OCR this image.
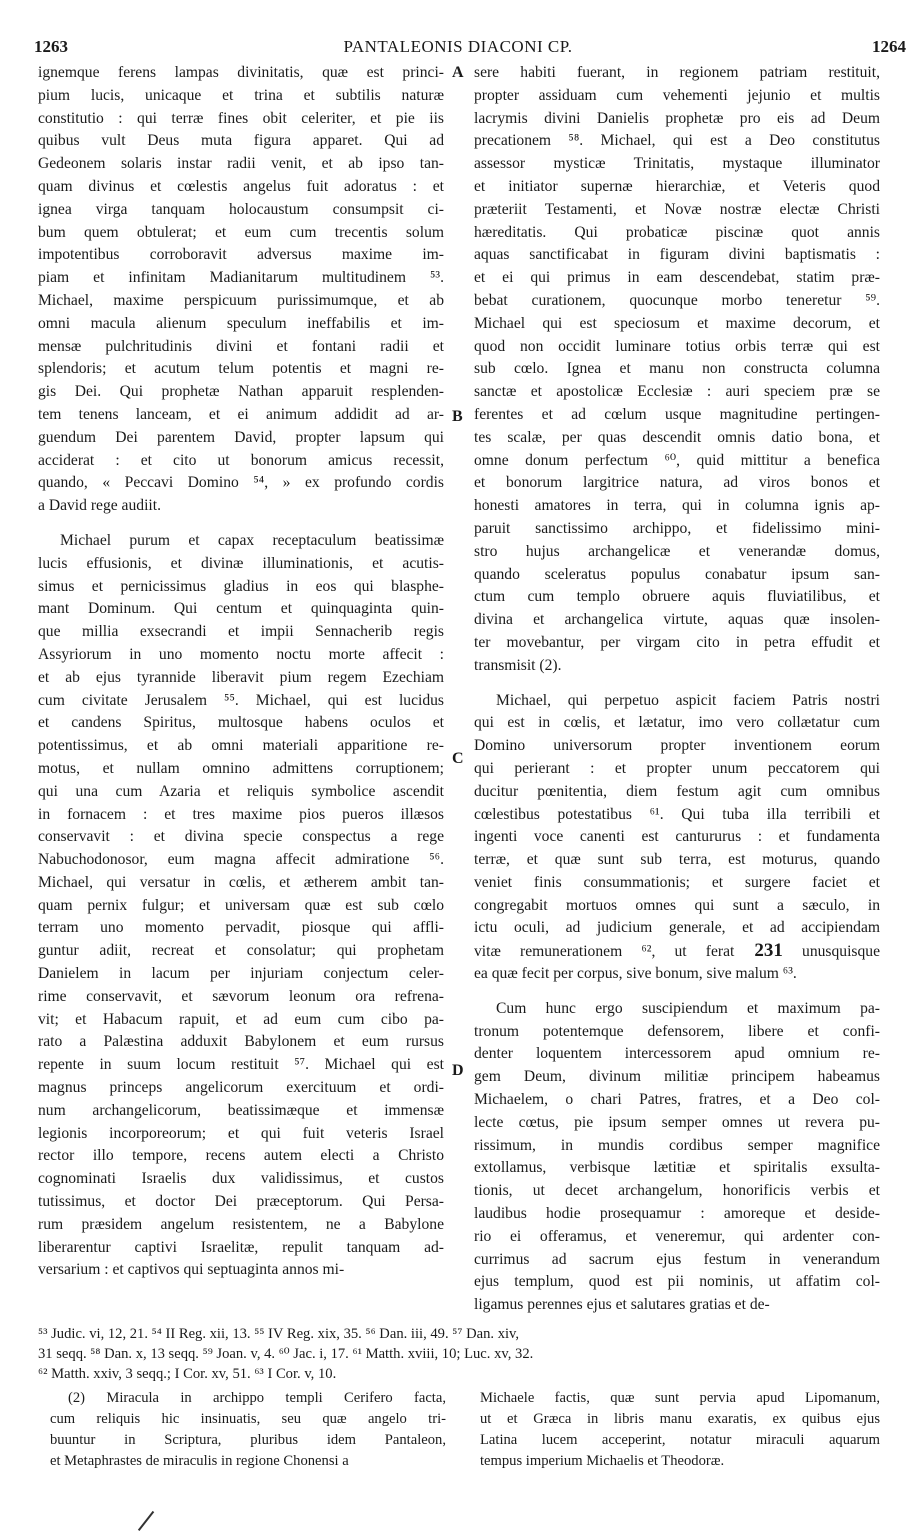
1263	PANTALEONIS DIACONI CP.	1264
ignemque ferens lampas divinitatis, quæ est princi-
pium lucis, unicaque et trina et subtilis naturæ
constitutio : qui terræ fines obit celeriter, et pie iis
quibus vult Deus muta figura apparet. Qui ad
Gedeonem solaris instar radii venit, et ab ipso tan-
quam divinus et cœlestis angelus fuit adoratus : et
ignea virga tanquam holocaustum consumpsit ci-
bum quem obtulerat; et eum cum trecentis solum
impotentibus corroboravit adversus maxime im-
piam et infinitam Madianitarum multitudinem ⁵³.
Michael, maxime perspicuum purissimumque, et ab
omni macula alienum speculum ineffabilis et im-
mensæ pulchritudinis divini et fontani radii et
splendoris; et acutum telum potentis et magni re-
gis Dei. Qui prophetæ Nathan apparuit resplenden-
tem tenens lanceam, et ei animum addidit ad ar-
guendum Dei parentem David, propter lapsum qui
acciderat : et cito ut bonorum amicus recessit,
quando, « Peccavi Domino ⁵⁴, » ex profundo cordis
a David rege audiit.
Michael purum et capax receptaculum beatissimæ
lucis effusionis, et divinæ illuminationis, et acutis-
simus et pernicissimus gladius in eos qui blasphe-
mant Dominum. Qui centum et quinquaginta quin-
que millia exsecrandi et impii Sennacherib regis
Assyriorum in uno momento noctu morte affecit :
et ab ejus tyrannide liberavit pium regem Ezechiam
cum civitate Jerusalem ⁵⁵. Michael, qui est lucidus
et candens Spiritus, multosque habens oculos et
potentissimus, et ab omni materiali apparitione re-
motus, et nullam omnino admittens corruptionem;
qui una cum Azaria et reliquis symbolice ascendit
in fornacem : et tres maxime pios pueros illæsos
conservavit : et divina specie conspectus a rege
Nabuchodonosor, eum magna affecit admiratione ⁵⁶.
Michael, qui versatur in cœlis, et ætherem ambit tan-
quam pernix fulgur; et universam quæ est sub cœlo
terram uno momento pervadit, piosque qui affli-
guntur adiit, recreat et consolatur; qui prophetam
Danielem in lacum per injuriam conjectum celer-
rime conservavit, et sævorum leonum ora refrena-
vit; et Habacum rapuit, et ad eum cum cibo pa-
rato a Palæstina adduxit Babylonem et eum rursus
repente in suum locum restituit ⁵⁷. Michael qui est
magnus princeps angelicorum exercituum et ordi-
num archangelicorum, beatissimæque et immensæ
legionis incorporeorum; et qui fuit veteris Israel
rector illo tempore, recens autem electi a Christo
cognominati Israelis dux validissimus, et custos
tutissimus, et doctor Dei præceptorum. Qui Persa-
rum præsidem angelum resistentem, ne a Babylone
liberarentur captivi Israelitæ, repulit tanquam ad-
versarium : et captivos qui septuaginta annos mi-
sere habiti fuerant, in regionem patriam restituit,
propter assiduam cum vehementi jejunio et multis
lacrymis divini Danielis prophetæ pro eis ad Deum
precationem ⁵⁸. Michael, qui est a Deo constitutus
assessor mysticæ Trinitatis, mystaque illuminator
et initiator supernæ hierarchiæ, et Veteris quod
præteriit Testamenti, et Novæ nostræ electæ Christi
hæreditatis. Qui probaticæ piscinæ quot annis
aquas sanctificabat in figuram divini baptismatis :
et ei qui primus in eam descendebat, statim præ-
bebat curationem, quocunque morbo teneretur ⁵⁹.
Michael qui est speciosum et maxime decorum, et
quod non occidit luminare totius orbis terræ qui est
sub cœlo. Ignea et manu non constructa columna
sanctæ et apostolicæ Ecclesiæ : auri speciem præ se
ferentes et ad cœlum usque magnitudine pertingen-
tes scalæ, per quas descendit omnis datio bona, et
omne donum perfectum ⁶⁰, quid mittitur a benefica
et bonorum largitrice natura, ad viros bonos et
honesti amatores in terra, qui in columna ignis ap-
paruit sanctissimo archippo, et fidelissimo mini-
stro hujus archangelicæ et venerandæ domus,
quando sceleratus populus conabatur ipsum san-
ctum cum templo obruere aquis fluviatilibus, et
divina et archangelica virtute, aquas quæ insolen-
ter movebantur, per virgam cito in petra effudit et
transmisit (2).
Michael, qui perpetuo aspicit faciem Patris nostri
qui est in cœlis, et lætatur, imo vero collætatur cum
Domino universorum propter inventionem eorum
qui perierant : et propter unum peccatorem qui
ducitur pœnitentia, diem festum agit cum omnibus
cœlestibus potestatibus ⁶¹. Qui tuba illa terribili et
ingenti voce canenti est cantururus : et fundamenta
terræ, et quæ sunt sub terra, est moturus, quando
veniet finis consummationis; et surgere faciet et
congregabit mortuos omnes qui sunt a sæculo, in
ictu oculi, ad judicium generale, et ad accipiendam
vitæ remunerationem ⁶², ut ferat 231 unusquisque
ea quæ fecit per corpus, sive bonum, sive malum ⁶³.
Cum hunc ergo suscipiendum et maximum pa-
tronum potentemque defensorem, libere et confi-
denter loquentem intercessorem apud omnium re-
gem Deum, divinum militiæ principem habeamus
Michaelem, o chari Patres, fratres, et a Deo col-
lecte cœtus, pie ipsum semper omnes ut revera pu-
rissimum, in mundis cordibus semper magnifice
extollamus, verbisque lætitiæ et spiritalis exsulta-
tionis, ut decet archangelum, honorificis verbis et
laudibus hodie prosequamur : amoreque et deside-
rio ei offeramus, et veneremur, qui ardenter con-
currimus ad sacrum ejus festum in venerandum
ejus templum, quod est pii nominis, ut affatim col-
ligamus perennes ejus et salutares gratias et de-
A
B
C
D
⁵³ Judic. vi, 12, 21. ⁵⁴ II Reg. xii, 13. ⁵⁵ IV Reg. xix, 35. ⁵⁶ Dan. iii, 49. ⁵⁷ Dan. xiv,
31 seqq. ⁵⁸ Dan. x, 13 seqq. ⁵⁹ Joan. v, 4. ⁶⁰ Jac. i, 17. ⁶¹ Matth. xviii, 10; Luc. xv, 32.
⁶² Matth. xxiv, 3 seqq.; I Cor. xv, 51. ⁶³ I Cor. v, 10.
(2) Miracula in archippo templi Cerifero facta,
cum reliquis hic insinuatis, seu quæ angelo tri-
buuntur in Scriptura, pluribus idem Pantaleon,
et Metaphrastes de miraculis in regione Chonensi a
Michaele factis, quæ sunt pervia apud Lipomanum,
ut et Græca in libris manu exaratis, ex quibus ejus
Latina lucem acceperint, notatur miraculi aquarum
tempus imperium Michaelis et Theodoræ.
